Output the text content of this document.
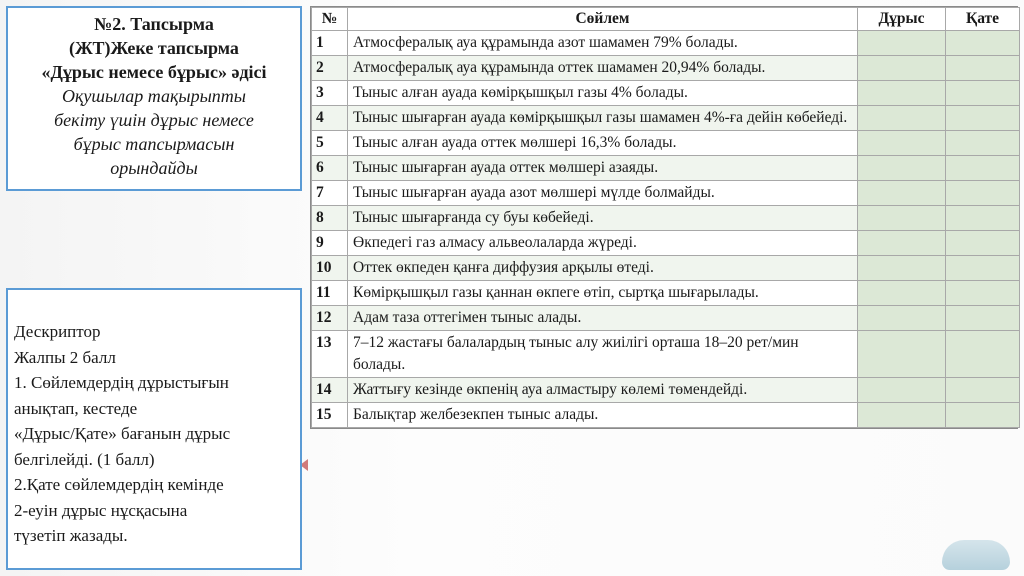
№2. Тапсырма
(ЖТ)Жеке тапсырма
«Дұрыс немесе бұрыс» әдісі
Оқушылар тақырыпты
бекіту үшін дұрыс немесе
бұрыс тапсырмасын
орындайды
Дескриптор
Жалпы 2 балл
1. Сөйлемдердің дұрыстығын
анықтап, кестеде
«Дұрыс/Қате» бағанын дұрыс
белгілейді. (1 балл)
2.Қате сөйлемдердің кемінде
2-еуін дұрыс нұсқасына
түзетіп жазады.
№	Сөйлем	Дұрыс	Қате
1	Атмосфералық ауа құрамында азот шамамен 79% болады.		
2	Атмосфералық ауа құрамында оттек шамамен 20,94% болады.		
3	Тыныс алған ауада көмірқышқыл газы 4% болады.		
4	Тыныс шығарған ауада көмірқышқыл газы шамамен 4%-ға дейін көбейеді.		
5	Тыныс алған ауада оттек мөлшері 16,3% болады.		
6	Тыныс шығарған ауада оттек мөлшері азаяды.		
7	Тыныс шығарған ауада азот мөлшері мүлде болмайды.		
8	Тыныс шығарғанда су буы көбейеді.		
9	Өкпедегі газ алмасу альвеолаларда жүреді.		
10	Оттек өкпеден қанға диффузия арқылы өтеді.		
11	Көмірқышқыл газы қаннан өкпеге өтіп, сыртқа шығарылады.		
12	Адам таза оттегімен тыныс алады.		
13	7–12 жастағы балалардың тыныс алу жиілігі орташа 18–20 рет/мин болады.		
14	Жаттығу кезінде өкпенің ауа алмастыру көлемі төмендейді.		
15	Балықтар желбезекпен тыныс алады.		
